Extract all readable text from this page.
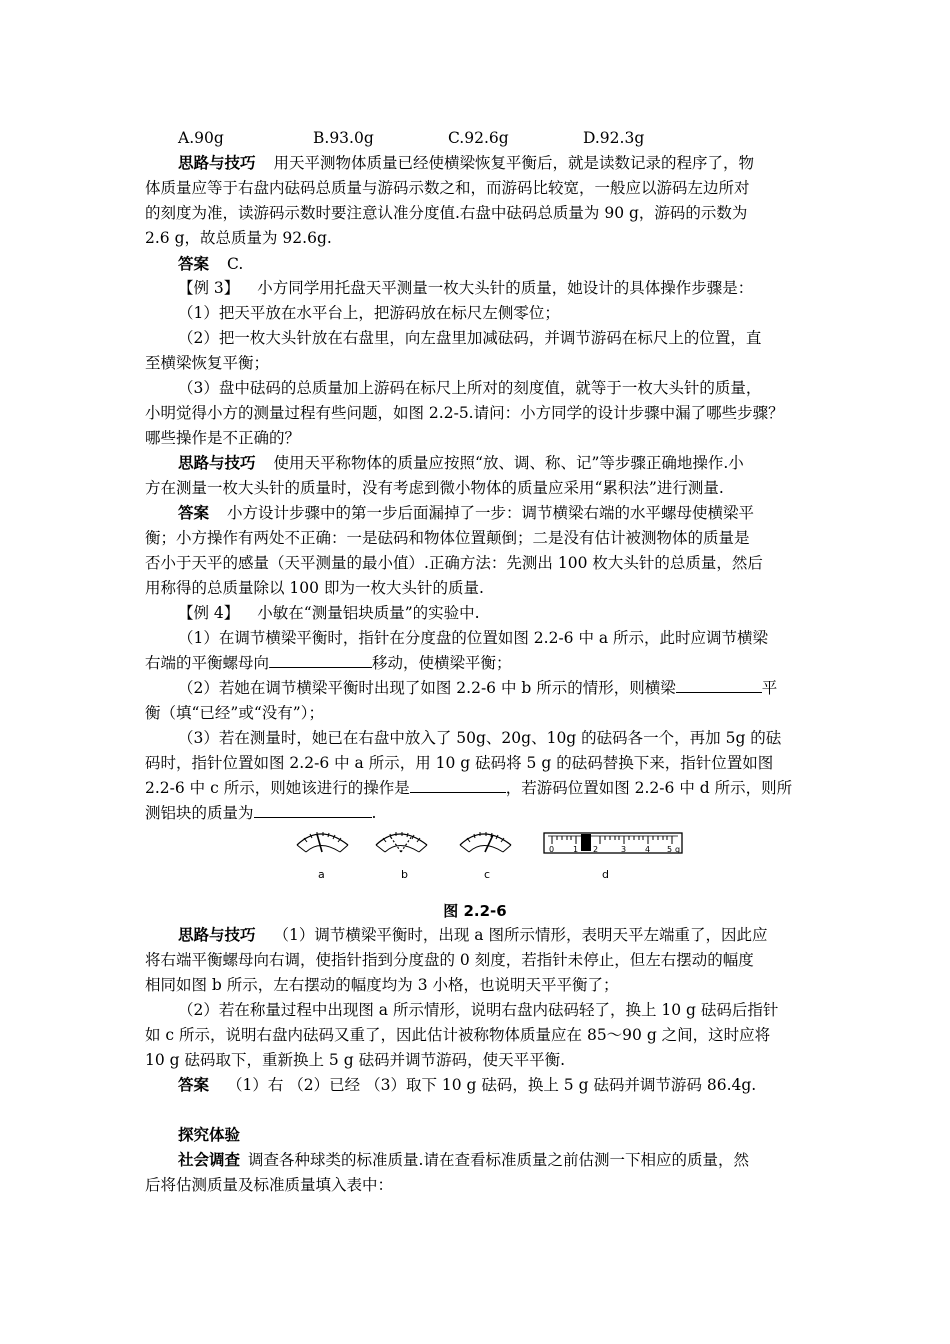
A.90g	B.93.0g	C.92.6g	D.92.3g
思路与技巧 用天平测物体质量已经使横梁恢复平衡后，就是读数记录的程序了，物
体质量应等于右盘内砝码总质量与游码示数之和，而游码比较宽，一般应以游码左边所对
的刻度为准，读游码示数时要注意认准分度值.右盘中砝码总质量为 90 g，游码的示数为
2.6 g，故总质量为 92.6g.
答案 C.
【例 3】 小方同学用托盘天平测量一枚大头针的质量，她设计的具体操作步骤是：
（1）把天平放在水平台上，把游码放在标尺左侧零位；
（2）把一枚大头针放在右盘里，向左盘里加减砝码，并调节游码在标尺上的位置，直
至横梁恢复平衡；
（3）盘中砝码的总质量加上游码在标尺上所对的刻度值，就等于一枚大头针的质量，
小明觉得小方的测量过程有些问题，如图 2.2-5.请问：小方同学的设计步骤中漏了哪些步骤？
哪些操作是不正确的？
思路与技巧 使用天平称物体的质量应按照“放、调、称、记”等步骤正确地操作.小
方在测量一枚大头针的质量时，没有考虑到微小物体的质量应采用“累积法”进行测量.
答案 小方设计步骤中的第一步后面漏掉了一步：调节横梁右端的水平螺母使横梁平
衡；小方操作有两处不正确：一是砝码和物体位置颠倒；二是没有估计被测物体的质量是
否小于天平的感量（天平测量的最小值）.正确方法：先测出 100 枚大头针的总质量，然后
用称得的总质量除以 100 即为一枚大头针的质量.
【例 4】 小敏在“测量铝块质量”的实验中.
（1）在调节横梁平衡时，指针在分度盘的位置如图 2.2-6 中 a 所示，此时应调节横梁
右端的平衡螺母向	移动，使横梁平衡；
（2）若她在调节横梁平衡时出现了如图 2.2-6 中 b 所示的情形，则横梁	平
衡（填“已经”或“没有”）；
（3）若在测量时，她已在右盘中放入了 50g、20g、10g 的砝码各一个，再加 5g 的砝
码时，指针位置如图 2.2-6 中 a 所示，用 10 g 砝码将 5 g 的砝码替换下来，指针位置如图
2.2-6 中 c 所示，则她该进行的操作是	，若游码位置如图 2.2-6 中 d 所示，则所
测铝块的质量为	.
0 1 2	3 4 5 g
a	b	c	d
图 2.2-6
思路与技巧 （1）调节横梁平衡时，出现 a 图所示情形，表明天平左端重了，因此应
将右端平衡螺母向右调，使指针指到分度盘的 0 刻度，若指针未停止，但左右摆动的幅度
相同如图 b 所示，左右摆动的幅度均为 3 小格，也说明天平平衡了；
（2）若在称量过程中出现图 a 所示情形，说明右盘内砝码轻了，换上 10 g 砝码后指针
如 c 所示，说明右盘内砝码又重了，因此估计被称物体质量应在 85～90 g 之间，这时应将
10 g 砝码取下，重新换上 5 g 砝码并调节游码，使天平平衡.
答案 （1）右 （2）已经 （3）取下 10 g 砝码，换上 5 g 砝码并调节游码 86.4g.
探究体验
社会调查 调查各种球类的标准质量.请在查看标准质量之前估测一下相应的质量，然
后将估测质量及标准质量填入表中：
